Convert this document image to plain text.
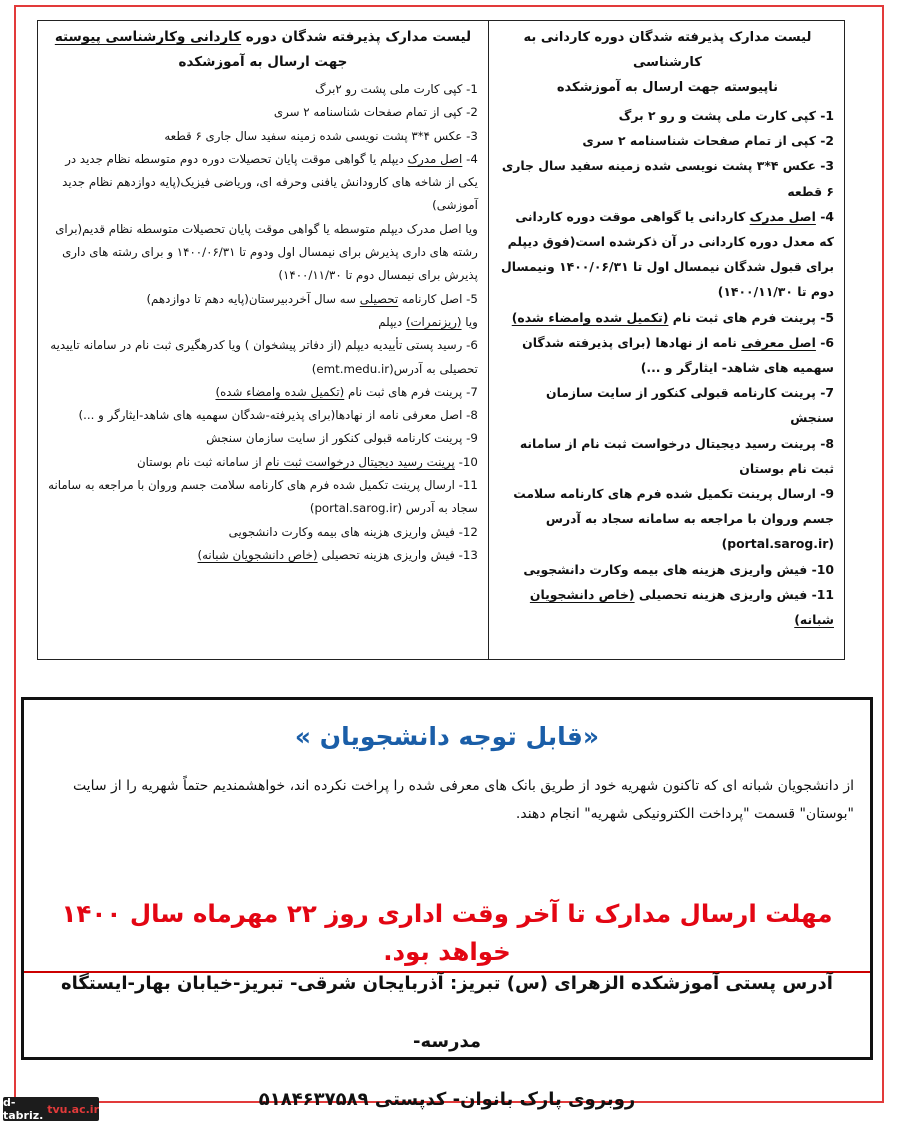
لیست مدارک پذیرفته شدگان دوره کاردانی وکارشناسی پیوسته
جهت ارسال به آموزشکده
1- کپی کارت ملی پشت رو ۲برگ
2- کپی از تمام صفحات شناسنامه ۲ سری
3- عکس ۴*۳ پشت نویسی شده زمینه سفید سال جاری ۶ قطعه
4- اصل مدرک دیپلم یا گواهی موقت پایان تحصیلات دوره دوم متوسطه نظام جدید در یکی از شاخه های کارودانش یافنی وحرفه ای، وریاضی فیزیک(پایه دوازدهم نظام جدید آموزشی)
ویا اصل مدرک دیپلم متوسطه یا گواهی موقت پایان تحصیلات متوسطه نظام قدیم(برای رشته های داری پذیرش برای نیمسال اول ودوم تا ۱۴۰۰/۰۶/۳۱ و برای رشته های داری پذیرش برای نیمسال دوم تا ۱۴۰۰/۱۱/۳۰)
5- اصل کارنامه تحصیلی سه سال آخردبیرستان(پایه دهم تا دوازدهم)
ویا (ریزنمرات) دیپلم
6- رسید پستی تأییدیه دیپلم (از دفاتر پیشخوان ) ویا کدرهگیری ثبت نام در سامانه تاییدیه تحصیلی به آدرس(emt.medu.ir)
7- پرینت فرم های ثبت نام (تکمیل شده وامضاء شده)
8- اصل معرفی نامه از نهادها(برای پذیرفته-شدگان سهمیه های شاهد-ایثارگر و ...)
9- پرینت کارنامه قبولی کنکور از سایت سازمان سنجش
10- پرینت رسید دیجیتال درخواست ثبت نام از سامانه ثبت نام بوستان
11- ارسال پرینت تکمیل شده فرم های کارنامه سلامت جسم وروان با مراجعه به سامانه سجاد به آدرس (portal.sarog.ir)
12- فیش واریزی هزینه های بیمه وکارت دانشجویی
13- فیش واریزی هزینه تحصیلی (خاص دانشجویان شبانه)
لیست مدارک پذیرفته شدگان دوره کاردانی به کارشناسی
ناپیوسته جهت ارسال به آموزشکده
1- کپی کارت ملی پشت و رو ۲ برگ
2- کپی از تمام صفحات شناسنامه ۲ سری
3- عکس ۴*۳ پشت نویسی شده زمینه سفید سال جاری ۶ قطعه
4- اصل مدرک کاردانی یا گواهی موقت دوره کاردانی که معدل دوره کاردانی در آن ذکرشده است(فوق دیپلم برای قبول شدگان نیمسال اول تا ۱۴۰۰/۰۶/۳۱ ونیمسال دوم تا ۱۴۰۰/۱۱/۳۰)
5- پرینت فرم های ثبت نام (تکمیل شده وامضاء شده)
6- اصل معرفی نامه از نهادها (برای پذیرفته شدگان سهمیه های شاهد- ایثارگر و ...)
7- پرینت کارنامه قبولی کنکور از سایت سازمان سنجش
8- پرینت رسید دیجیتال درخواست ثبت نام از سامانه ثبت نام بوستان
9- ارسال پرینت تکمیل شده فرم های کارنامه سلامت جسم وروان با مراجعه به سامانه سجاد به آدرس (portal.sarog.ir)
10- فیش واریزی هزینه های بیمه وکارت دانشجویی
11- فیش واریزی هزینه تحصیلی (خاص دانشجویان شبانه)
«قابل توجه دانشجویان »
از دانشجویان شبانه ای که تاکنون شهریه خود از طریق بانک های معرفی شده را پراخت نکرده اند، خواهشمندیم حتماً شهریه را از سایت "بوستان" قسمت "پرداخت الکترونیکی شهریه" انجام دهند.
مهلت ارسال مدارک تا آخر وقت اداری روز ۲۲ مهرماه سال ۱۴۰۰ خواهد بود.
آدرس پستی آموزشکده الزهرای (س) تبریز: آذربایجان شرقی- تبریز-خیابان بهار-ایستگاه مدرسه-
روبروی پارک بانوان- کدپستی ۵۱۸۴۶۳۷۵۸۹
d-tabriz. tvu.ac.ir
